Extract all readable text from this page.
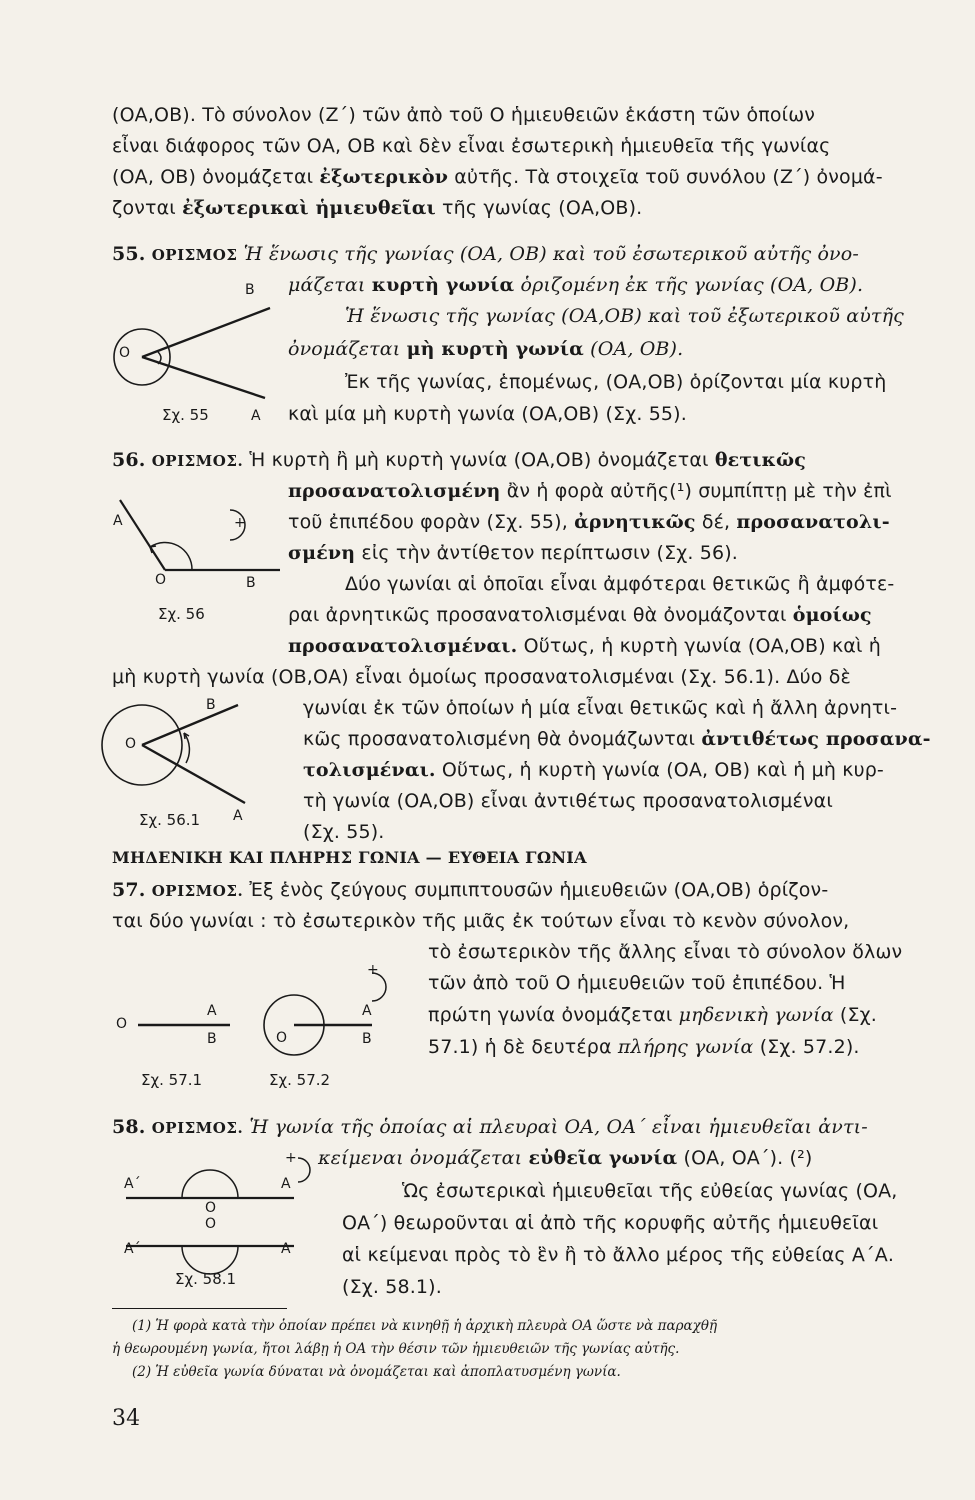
(ΟΑ,ΟΒ). Τὸ σύνολον (Ζ΄) τῶν ἀπὸ τοῦ Ο ἡμιευθειῶν ἑκάστη τῶν ὁποίων
εἶναι διάφορος τῶν ΟΑ, ΟΒ καὶ δὲν εἶναι ἐσωτερικὴ ἡμιευθεῖα τῆς γωνίας
(ΟΑ, ΟΒ) ὀνομάζεται ἐξωτερικὸν αὐτῆς. Τὰ στοιχεῖα τοῦ συνόλου (Ζ΄) ὀνομά-
ζονται ἐξωτερικαὶ ἡμιευθεῖαι τῆς γωνίας (ΟΑ,ΟΒ).
55. ΟΡΙΣΜΟΣ Ἡ ἕνωσις τῆς γωνίας (ΟΑ, ΟΒ) καὶ τοῦ ἐσωτερικοῦ αὐτῆς ὀνο-
μάζεται κυρτὴ γωνία ὁριζομένη ἐκ τῆς γωνίας (ΟΑ, ΟΒ).
Ἡ ἕνωσις τῆς γωνίας (ΟΑ,ΟΒ) καὶ τοῦ ἐξωτερικοῦ αὐτῆς
ὀνομάζεται μὴ κυρτὴ γωνία (ΟΑ, ΟΒ).
Ἐκ τῆς γωνίας, ἑπομένως, (ΟΑ,ΟΒ) ὁρίζονται μία κυρτὴ
καὶ μία μὴ κυρτὴ γωνία (ΟΑ,ΟΒ) (Σχ. 55).
Β
Ο
Σχ. 55	Α
56. ΟΡΙΣΜΟΣ. Ἡ κυρτὴ ἢ μὴ κυρτὴ γωνία (ΟΑ,ΟΒ) ὀνομάζεται θετικῶς
προσανατολισμένη ἂν ἡ φορὰ αὐτῆς(¹) συμπίπτῃ μὲ τὴν ἐπὶ
τοῦ ἐπιπέδου φορὰν (Σχ. 55), ἀρνητικῶς δέ, προσανατολι-
σμένη εἰς τὴν ἀντίθετον περίπτωσιν (Σχ. 56).
Δύο γωνίαι αἱ ὁποῖαι εἶναι ἀμφότεραι θετικῶς ἢ ἀμφότε-
ραι ἀρνητικῶς προσανατολισμέναι θὰ ὀνομάζονται ὁμοίως
προσανατολισμέναι. Οὕτως, ἡ κυρτὴ γωνία (ΟΑ,ΟΒ) καὶ ἡ
μὴ κυρτὴ γωνία (ΟΒ,ΟΑ) εἶναι ὁμοίως προσανατολισμέναι (Σχ. 56.1). Δύο δὲ
γωνίαι ἐκ τῶν ὁποίων ἡ μία εἶναι θετικῶς καὶ ἡ ἄλλη ἀρνητι-
κῶς προσανατολισμένη θὰ ὀνομάζωνται ἀντιθέτως προσανα-
τολισμέναι. Οὕτως, ἡ κυρτὴ γωνία (ΟΑ, ΟΒ) καὶ ἡ μὴ κυρ-
τὴ γωνία (ΟΑ,ΟΒ) εἶναι ἀντιθέτως προσανατολισμέναι
(Σχ. 55).
Α	+
Ο	Β
Σχ. 56
Β
Ο
Σχ. 56.1 Α
ΜΗΔΕΝΙΚΗ ΚΑΙ ΠΛΗΡΗΣ ΓΩΝΙΑ — ΕΥΘΕΙΑ ΓΩΝΙΑ
57. ΟΡΙΣΜΟΣ. Ἐξ ἑνὸς ζεύγους συμπιπτουσῶν ἡμιευθειῶν (ΟΑ,ΟΒ) ὁρίζον-
ται δύο γωνίαι : τὸ ἐσωτερικὸν τῆς μιᾶς ἐκ τούτων εἶναι τὸ κενὸν σύνολον,
τὸ ἐσωτερικὸν τῆς ἄλλης εἶναι τὸ σύνολον ὅλων
τῶν ἀπὸ τοῦ Ο ἡμιευθειῶν τοῦ ἐπιπέδου. Ἡ
πρώτη γωνία ὀνομάζεται μηδενικὴ γωνία (Σχ.
57.1) ἡ δὲ δευτέρα πλήρης γωνία (Σχ. 57.2).
Ο
Α
Β
+
Ο
Α
Β
Σχ. 57.1	Σχ. 57.2
58. ΟΡΙΣΜΟΣ. Ἡ γωνία τῆς ὁποίας αἱ πλευραὶ ΟΑ, ΟΑ΄ εἶναι ἡμιευθεῖαι ἀντι-
κείμεναι ὀνομάζεται εὐθεῖα γωνία (ΟΑ, ΟΑ΄). (²)
Ὡς ἐσωτερικαὶ ἡμιευθεῖαι τῆς εὐθείας γωνίας (ΟΑ,
ΟΑ΄) θεωροῦνται αἱ ἀπὸ τῆς κορυφῆς αὐτῆς ἡμιευθεῖαι
αἱ κείμεναι πρὸς τὸ ἓν ἢ τὸ ἄλλο μέρος τῆς εὐθείας Α΄Α.
(Σχ. 58.1).
+
Α΄	Α
Ο
Ο
Α΄	Α
Σχ. 58.1
(1) Ἡ φορὰ κατὰ τὴν ὁποίαν πρέπει νὰ κινηθῇ ἡ ἀρχικὴ πλευρὰ ΟΑ ὥστε νὰ παραχθῇ
ἡ θεωρουμένη γωνία, ἤτοι λάβῃ ἡ ΟΑ τὴν θέσιν τῶν ἡμιευθειῶν τῆς γωνίας αὐτῆς.
(2) Ἡ εὐθεῖα γωνία δύναται νὰ ὀνομάζεται καὶ ἀποπλατυσμένη γωνία.
34
